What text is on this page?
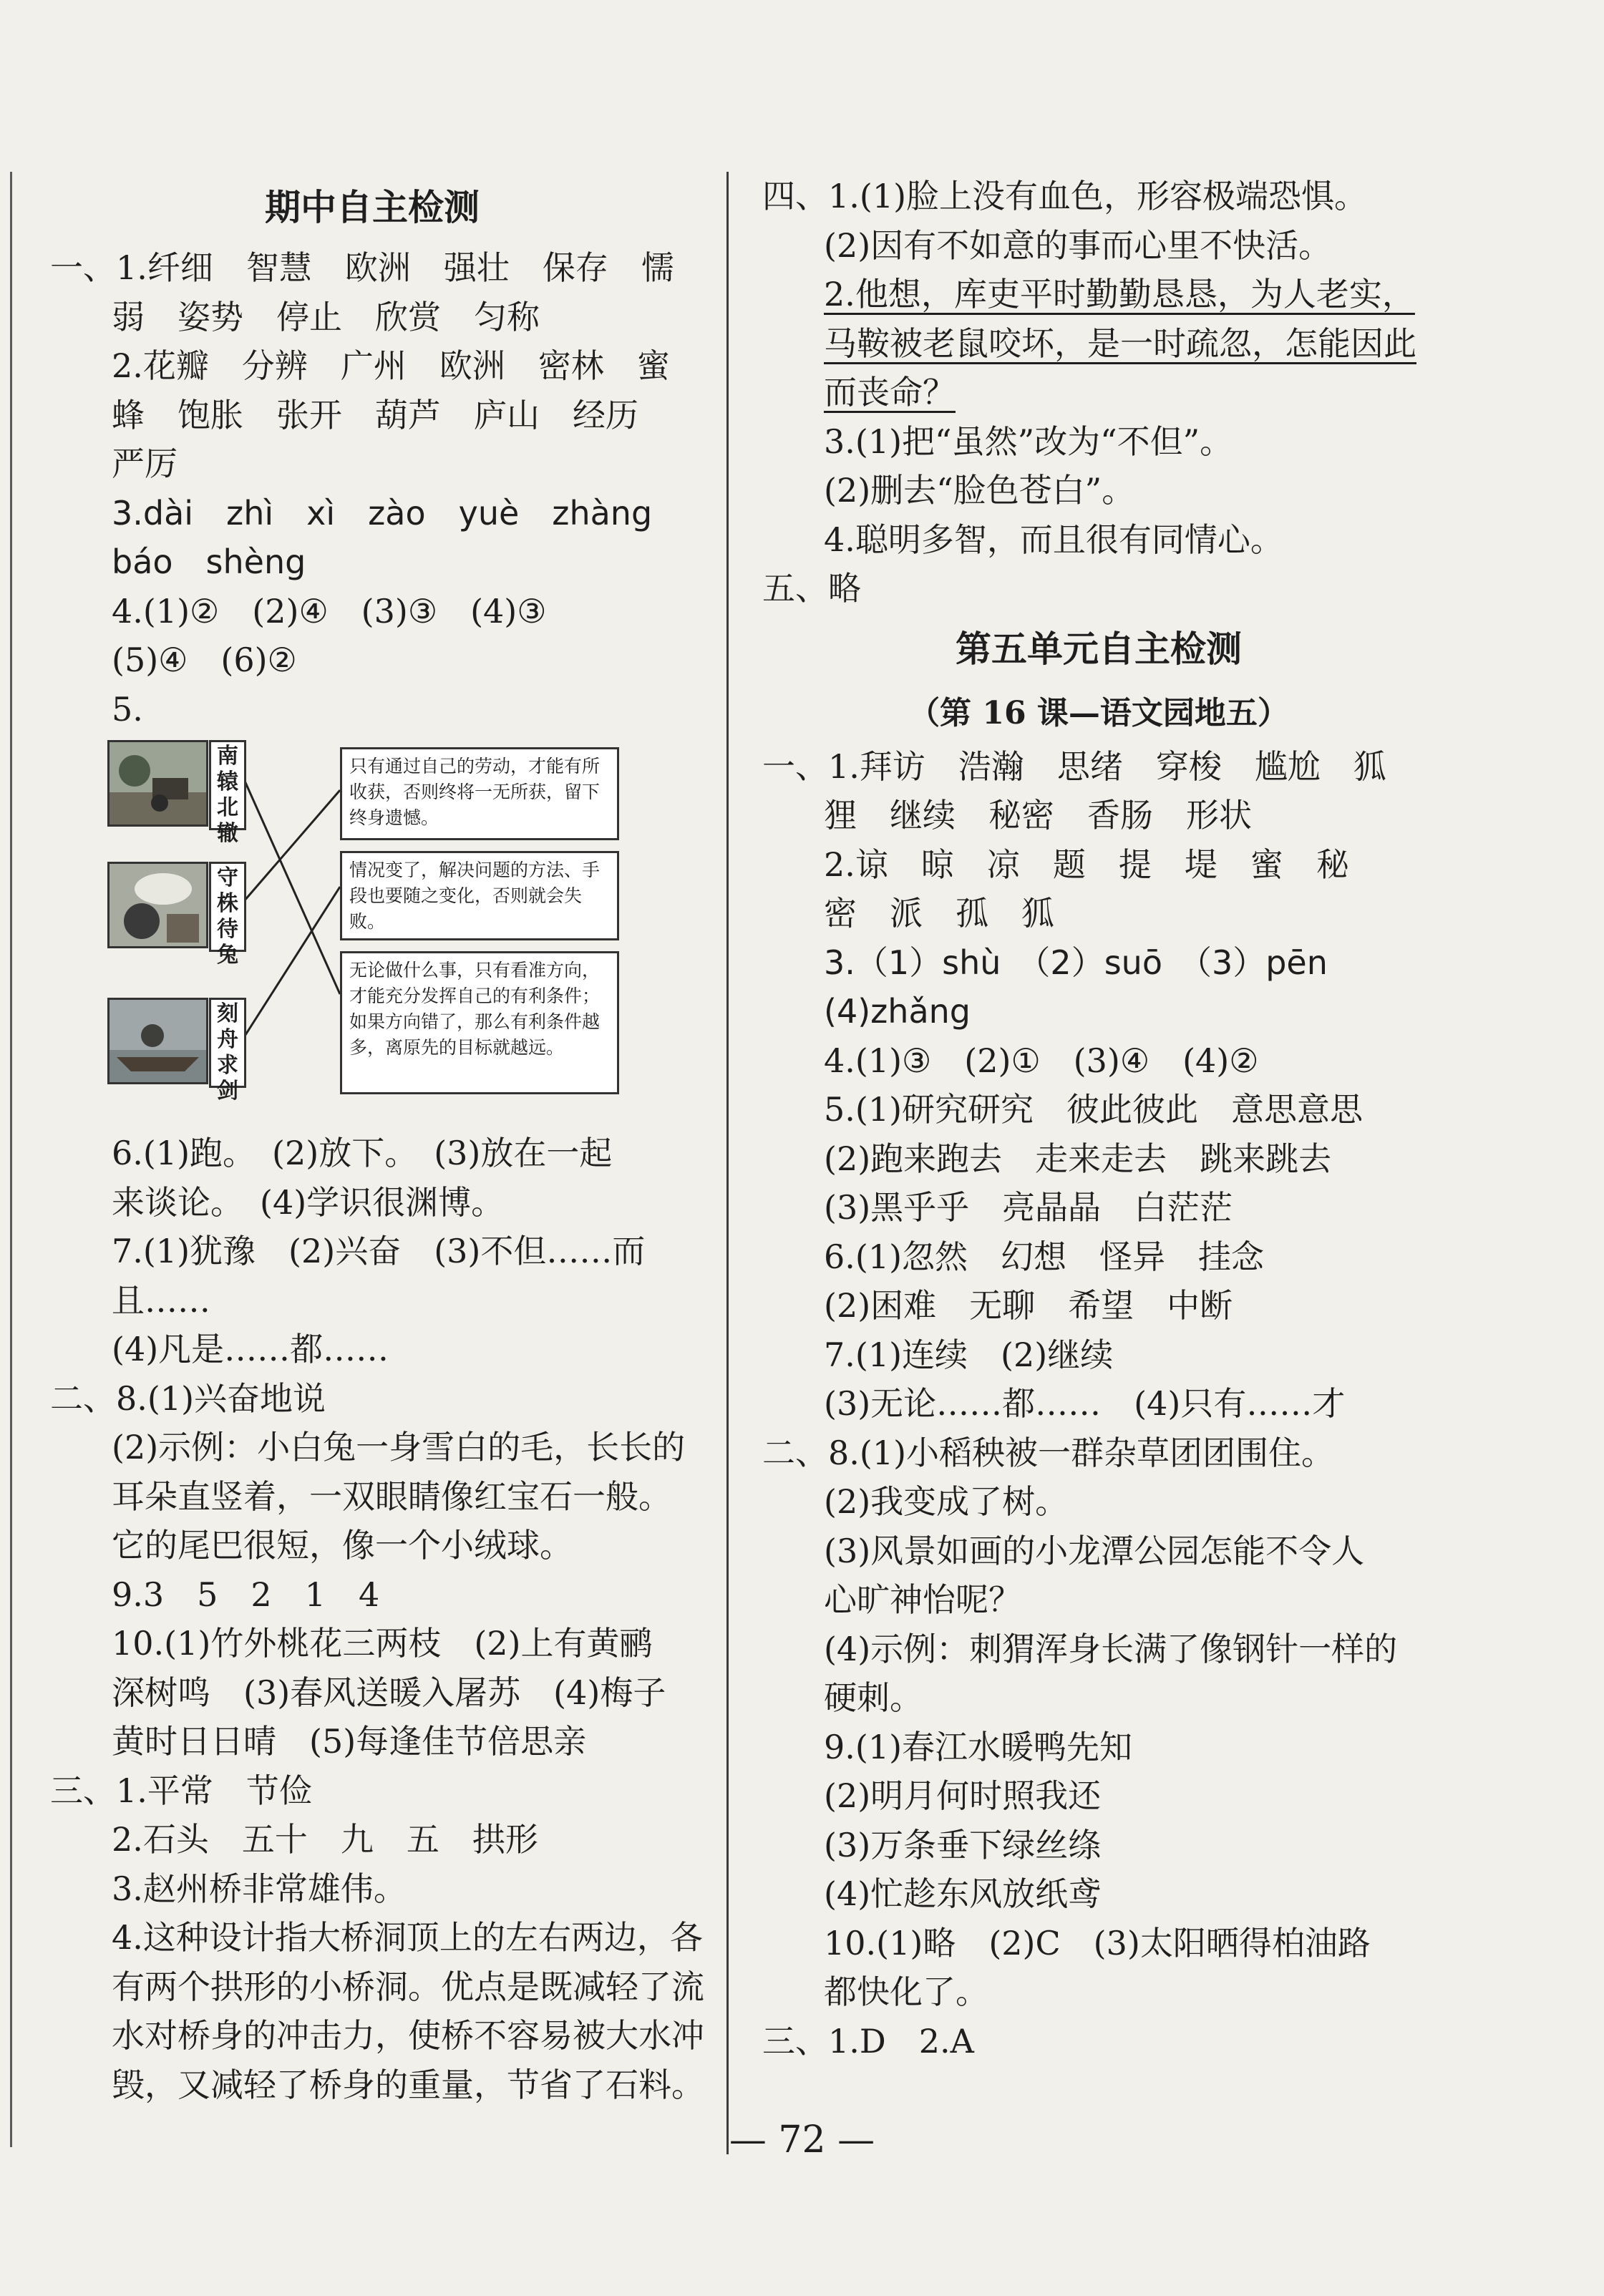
期中自主检测
一、1.纤细　智慧　欧洲　强壮　保存　懦
弱　姿势　停止　欣赏　匀称
2.花瓣　分辨　广州　欧洲　密林　蜜
蜂　饱胀　张开　葫芦　庐山　经历
严厉
3.dài　zhì　xì　zào　yuè　zhàng
báo　shèng
4.(1)②　(2)④　(3)③　(4)③
(5)④　(6)②
5.
南辕北辙
守株待兔
刻舟求剑
只有通过自己的劳动，才能有所收获，否则终将一无所获，留下终身遗憾。
情况变了，解决问题的方法、手段也要随之变化，否则就会失败。
无论做什么事，只有看准方向，才能充分发挥自己的有利条件；如果方向错了，那么有利条件越多，离原先的目标就越远。
6.(1)跑。　(2)放下。　(3)放在一起
来谈论。　(4)学识很渊博。
7.(1)犹豫　(2)兴奋　(3)不但……而
且……
(4)凡是……都……
二、8.(1)兴奋地说
(2)示例：小白兔一身雪白的毛，长长的
耳朵直竖着，一双眼睛像红宝石一般。
它的尾巴很短，像一个小绒球。
9.3　5　2　1　4
10.(1)竹外桃花三两枝　(2)上有黄鹂
深树鸣　(3)春风送暖入屠苏　(4)梅子
黄时日日晴　(5)每逢佳节倍思亲
三、1.平常　节俭
2.石头　五十　九　五　拱形
3.赵州桥非常雄伟。
4.这种设计指大桥洞顶上的左右两边，各
有两个拱形的小桥洞。优点是既减轻了流
水对桥身的冲击力，使桥不容易被大水冲
毁，又减轻了桥身的重量，节省了石料。
四、1.(1)脸上没有血色，形容极端恐惧。
(2)因有不如意的事而心里不快活。
2.他想，库吏平时勤勤恳恳，为人老实，
马鞍被老鼠咬坏，是一时疏忽，怎能因此
而丧命？
3.(1)把“虽然”改为“不但”。
(2)删去“脸色苍白”。
4.聪明多智，而且很有同情心。
五、略
第五单元自主检测
（第 16 课—语文园地五）
一、1.拜访　浩瀚　思绪　穿梭　尴尬　狐
狸　继续　秘密　香肠　形状
2.谅　晾　凉　题　提　堤　蜜　秘
密　派　孤　狐
3.（1）shù　（2）suō　（3）pēn
(4)zhǎng
4.(1)③　(2)①　(3)④　(4)②
5.(1)研究研究　彼此彼此　意思意思
(2)跑来跑去　走来走去　跳来跳去
(3)黑乎乎　亮晶晶　白茫茫
6.(1)忽然　幻想　怪异　挂念
(2)困难　无聊　希望　中断
7.(1)连续　(2)继续
(3)无论……都……　(4)只有……才
二、8.(1)小稻秧被一群杂草团团围住。
(2)我变成了树。
(3)风景如画的小龙潭公园怎能不令人
心旷神怡呢？
(4)示例：刺猬浑身长满了像钢针一样的
硬刺。
9.(1)春江水暖鸭先知
(2)明月何时照我还
(3)万条垂下绿丝绦
(4)忙趁东风放纸鸢
10.(1)略　(2)C　(3)太阳晒得柏油路
都快化了。
三、1.D　2.A
— 72 —
